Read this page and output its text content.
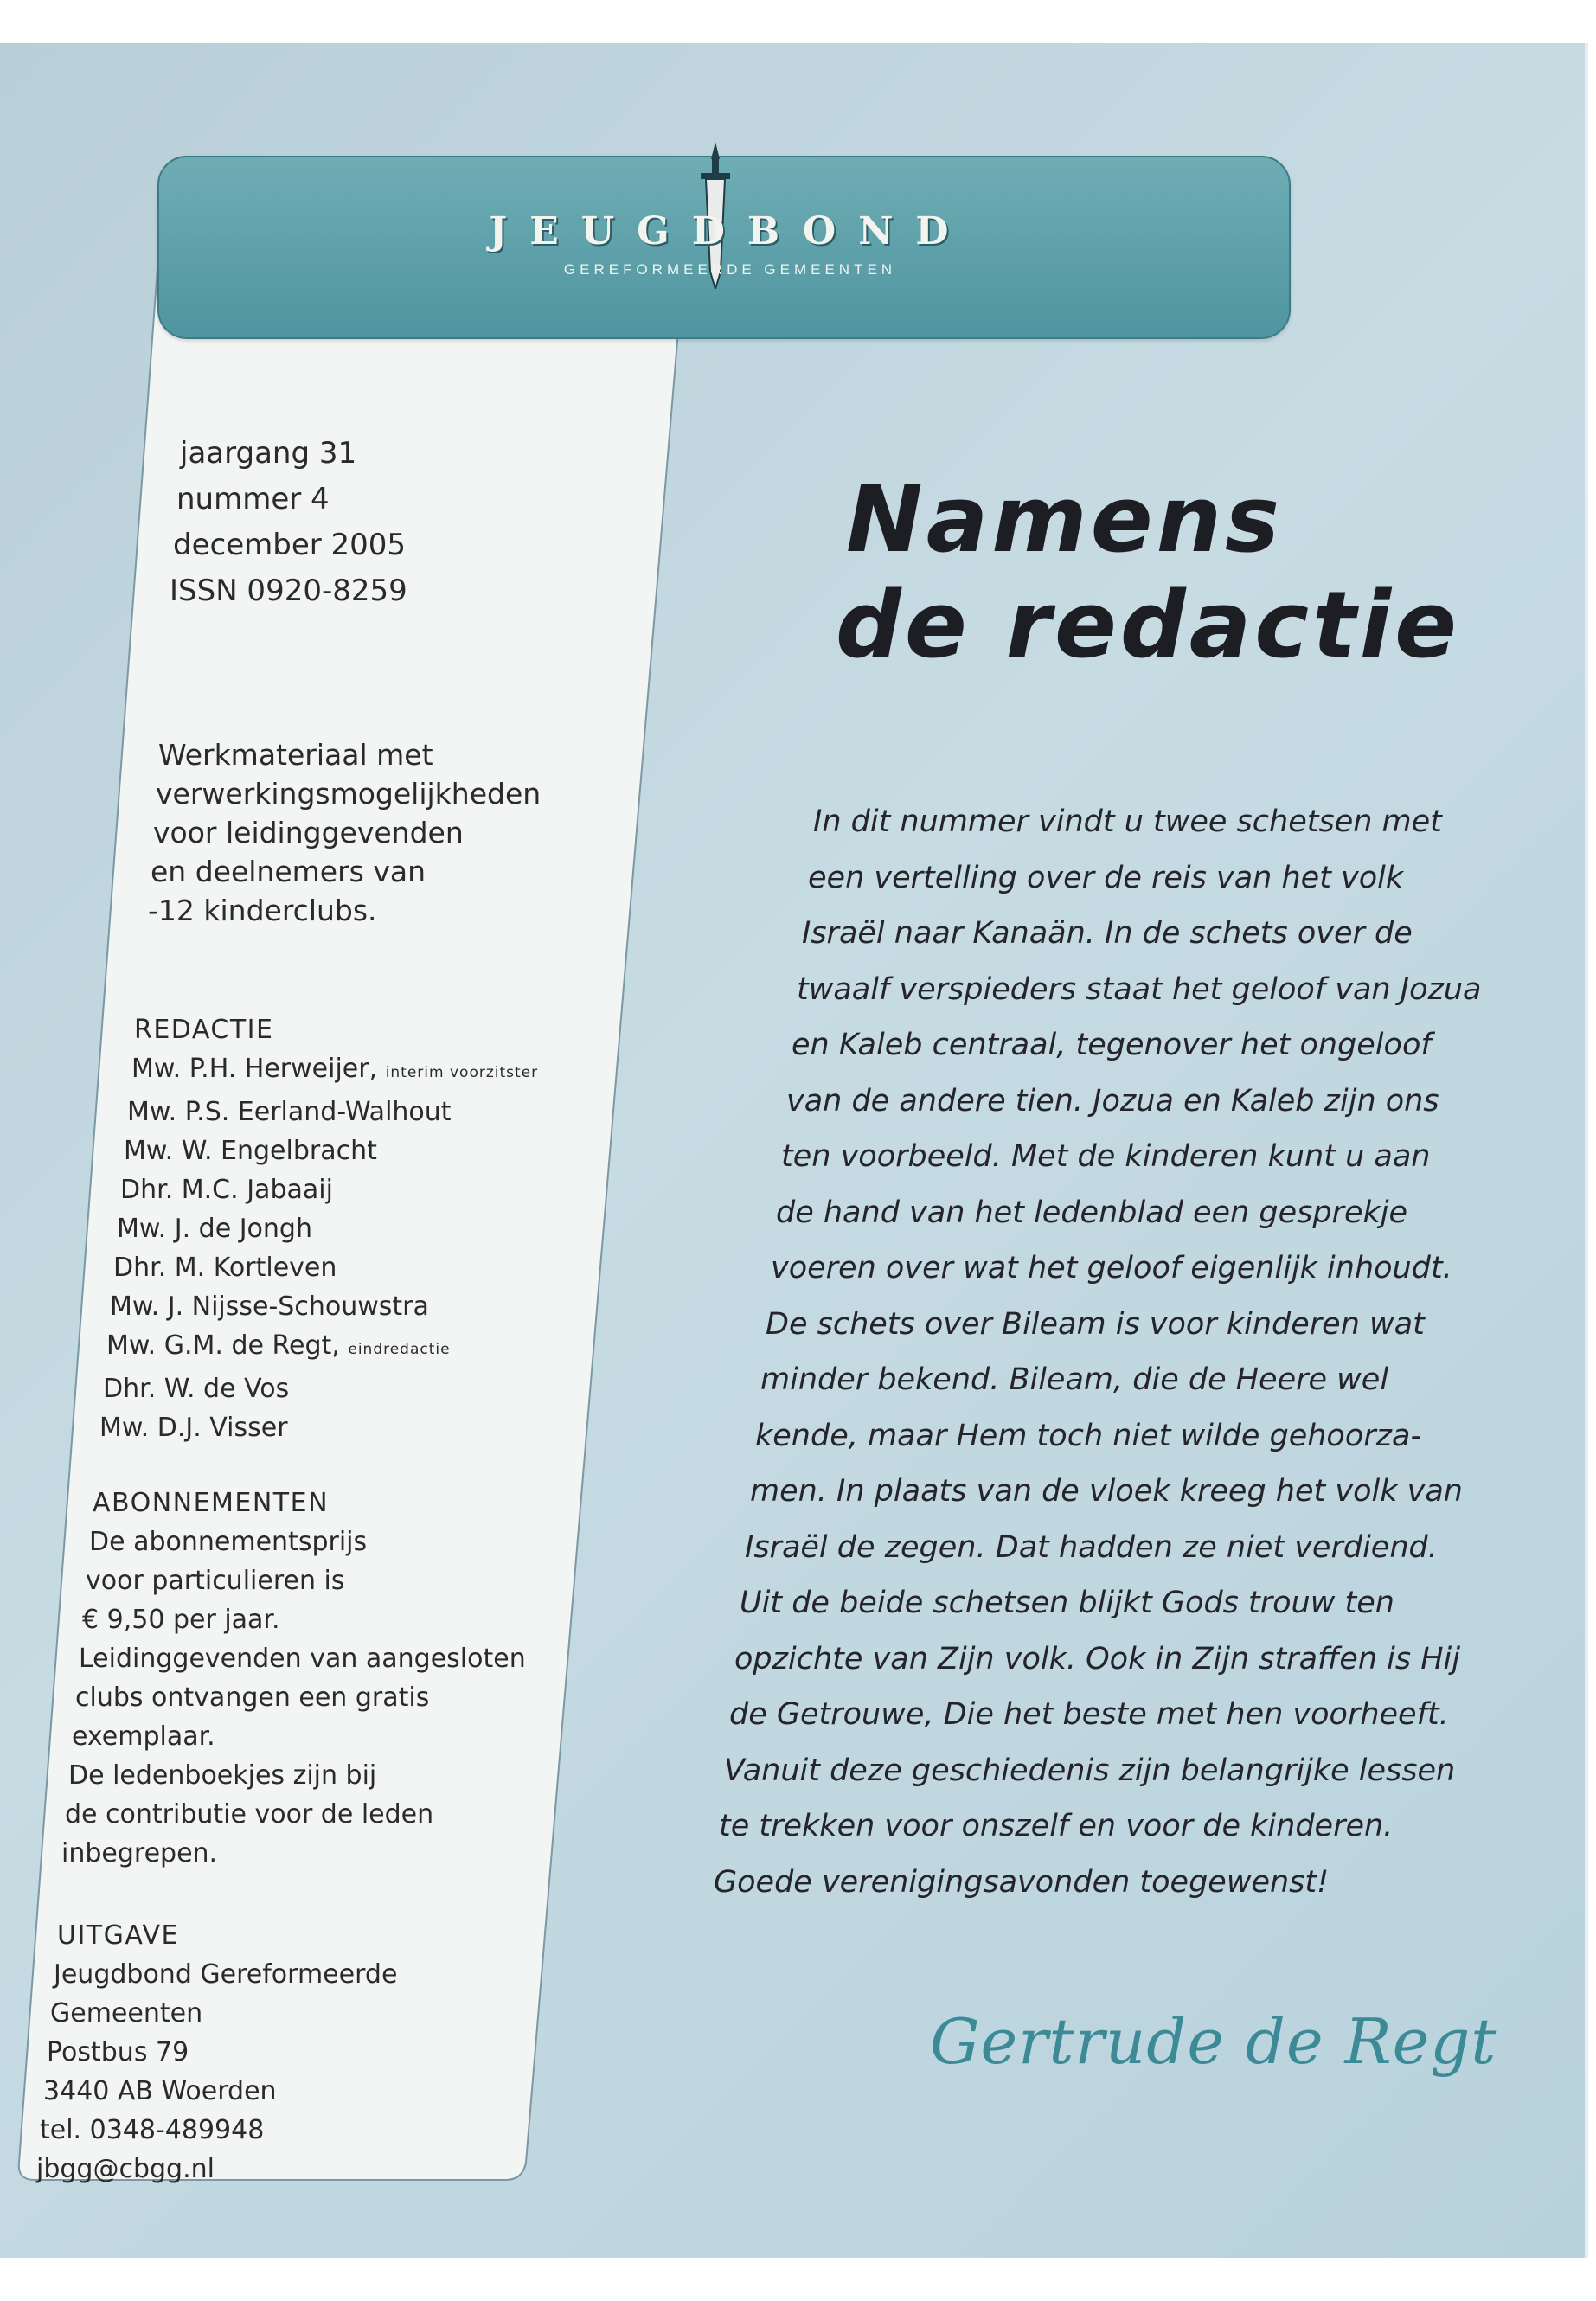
JEUGDBOND
GEREFORMEERDE GEMEENTEN
jaargang 31
nummer 4
december 2005
ISSN 0920-8259
Werkmateriaal met
verwerkingsmogelijkheden
voor leidinggevenden
en deelnemers van
-12 kinderclubs.
REDACTIE
Mw. P.H. Herweijer, interim voorzitster
Mw. P.S. Eerland-Walhout
Mw. W. Engelbracht
Dhr. M.C. Jabaaij
Mw. J. de Jongh
Dhr. M. Kortleven
Mw. J. Nijsse-Schouwstra
Mw. G.M. de Regt, eindredactie
Dhr. W. de Vos
Mw. D.J. Visser
ABONNEMENTEN
De abonnementsprijs
voor particulieren is
€ 9,50 per jaar.
Leidinggevenden van aangesloten
clubs ontvangen een gratis
exemplaar.
De ledenboekjes zijn bij
de contributie voor de leden
inbegrepen.
UITGAVE
Jeugdbond Gereformeerde
Gemeenten
Postbus 79
3440 AB Woerden
tel. 0348-489948
jbgg@cbgg.nl
Namens
de redactie
In dit nummer vindt u twee schetsen met
een vertelling over de reis van het volk
Israël naar Kanaän. In de schets over de
twaalf verspieders staat het geloof van Jozua
en Kaleb centraal, tegenover het ongeloof
van de andere tien. Jozua en Kaleb zijn ons
ten voorbeeld. Met de kinderen kunt u aan
de hand van het ledenblad een gesprekje
voeren over wat het geloof eigenlijk inhoudt.
De schets over Bileam is voor kinderen wat
minder bekend. Bileam, die de Heere wel
kende, maar Hem toch niet wilde gehoorza-
men. In plaats van de vloek kreeg het volk van
Israël de zegen. Dat hadden ze niet verdiend.
Uit de beide schetsen blijkt Gods trouw ten
opzichte van Zijn volk. Ook in Zijn straffen is Hij
de Getrouwe, Die het beste met hen voorheeft.
Vanuit deze geschiedenis zijn belangrijke lessen
te trekken voor onszelf en voor de kinderen.
Goede verenigingsavonden toegewenst!
Gertrude de Regt
